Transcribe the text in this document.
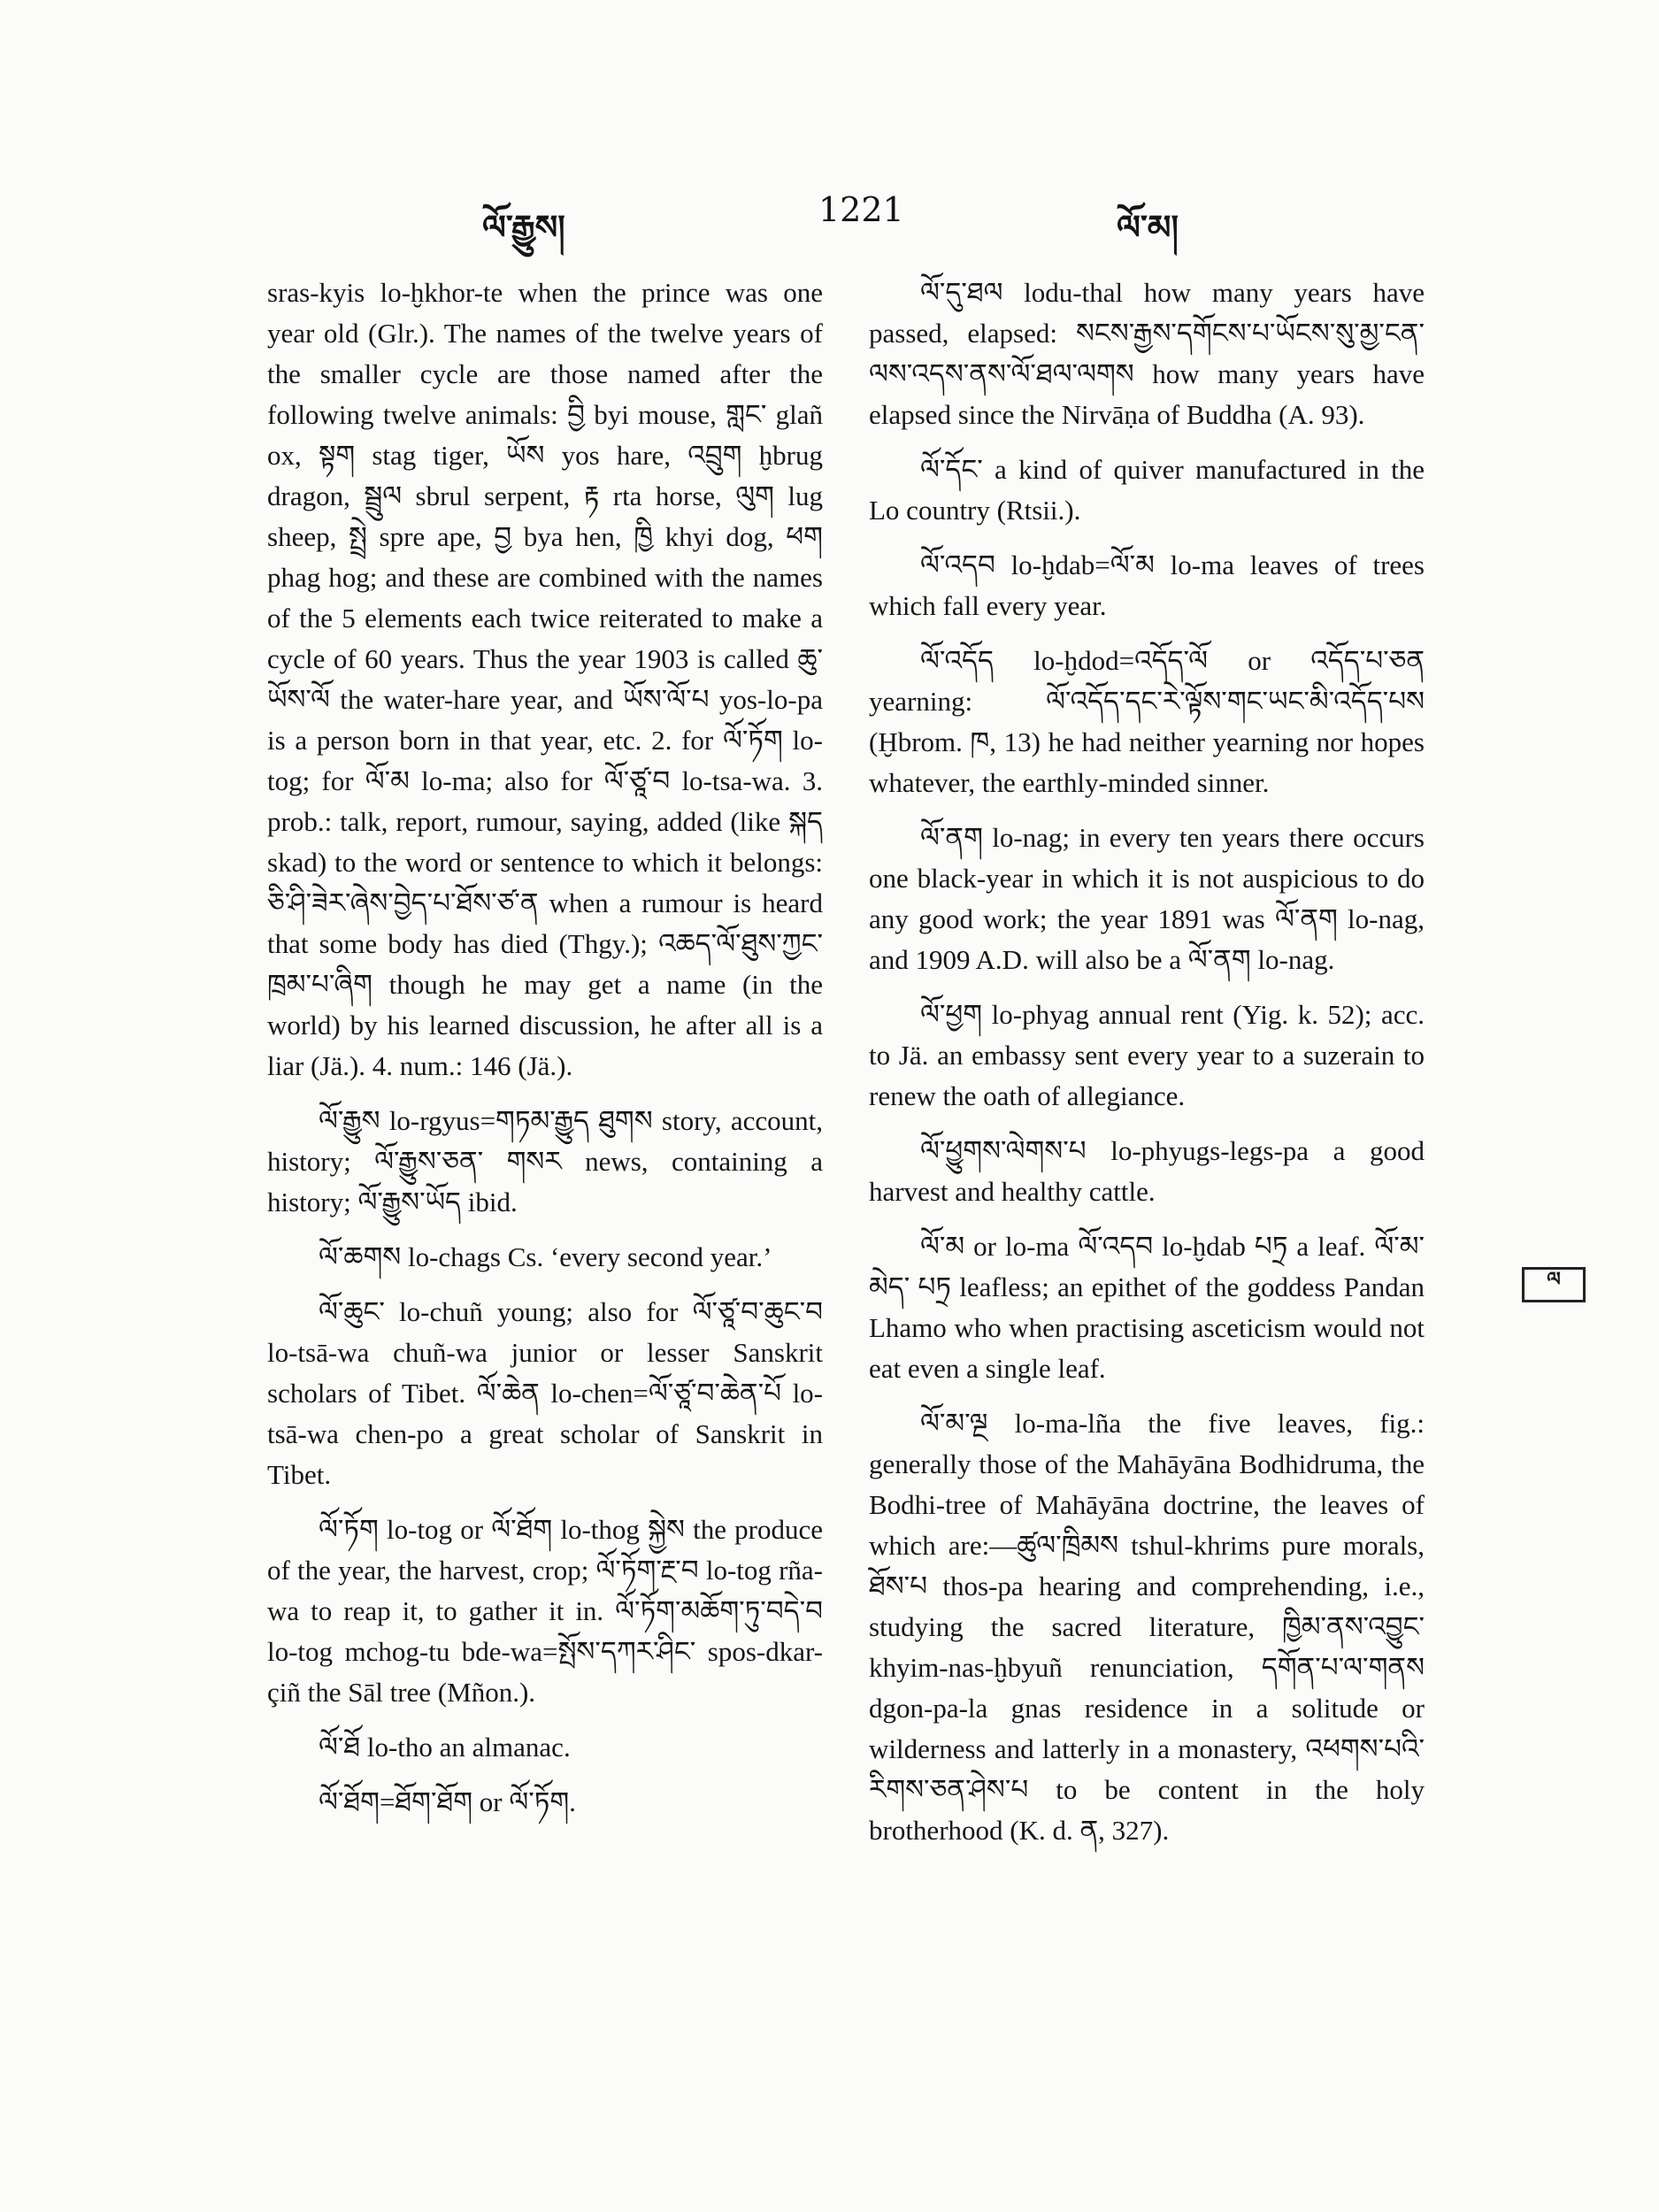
ལོ་རྒྱུས།	1221	ལོ་མ།

sras-kyis lo-ḫkhor-te when the prince was one year old (Glr.). The names of the twelve years of the smaller cycle are those named after the following twelve animals: བྱི byi mouse, གླང་ glañ ox, སྟག stag tiger, ཡོས yos hare, འབྲུག ḫbrug dragon, སྦྲུལ sbrul serpent, རྟ rta horse, ལུག lug sheep, སྤྲེ spre ape, བྱ bya hen, ཁྱི khyi dog, ཕག phag hog; and these are combined with the names of the 5 elements each twice reiterated to make a cycle of 60 years. Thus the year 1903 is called ཆུ་ཡོས་ལོ the water-hare year, and ཡོས་ལོ་པ yos-lo-pa is a person born in that year, etc. 2. for ལོ་ཏོག lo-tog; for ལོ་མ lo-ma; also for ལོ་ཙཱ་བ lo-tsa-wa. 3. prob.: talk, report, rumour, saying, added (like སྐད skad) to the word or sentence to which it belongs: ཅི་ཤི་ཟེར་ཞེས་བྱེད་པ་ཐོས་ཙ་ན when a rumour is heard that some body has died (Thgy.); འཆད་ལོ་ཐུས་ཀྱང་ཁྲམ་པ་ཞིག though he may get a name (in the world) by his learned discussion, he after all is a liar (Jä.). 4. num.: 146 (Jä.).

ལོ་རྒྱུས lo-rgyus=གཏམ་རྒྱུད ཐུགས story, account, history; ལོ་རྒྱུས་ཅན་ གསར news, containing a history; ལོ་རྒྱུས་ཡོད ibid.

ལོ་ཆགས lo-chags Cs. ‘every second year.’

ལོ་ཆུང་ lo-chuñ young; also for ལོ་ཙཱ་བ་ཆུང་བ lo-tsā-wa chuñ-wa junior or lesser Sanskrit scholars of Tibet. ལོ་ཆེན lo-chen=ལོ་ཙཱ་བ་ཆེན་པོ lo-tsā-wa chen-po a great scholar of Sanskrit in Tibet.

ལོ་ཏོག lo-tog or ལོ་ཐོག lo-thog སྐྱེས the produce of the year, the harvest, crop; ལོ་ཏོག་རྔ་བ lo-tog rña-wa to reap it, to gather it in. ལོ་ཏོག་མཆོག་ཏུ་བདེ་བ lo-tog mchog-tu bde-wa=སྤོས་དཀར་ཤིང་ spos-dkar-çiñ the Sāl tree (Mñon.).

ལོ་ཐོ lo-tho an almanac.

ལོ་ཐོག=ཐོག་ཐོག or ལོ་ཏོག.

ལོ་དུ་ཐལ lodu-thal how many years have passed, elapsed: སངས་རྒྱས་དགོངས་པ་ཡོངས་སུ་མྱ་ངན་ལས་འདས་ནས་ལོ་ཐལ་ལགས how many years have elapsed since the Nirvāṇa of Buddha (A. 93).

ལོ་དོང་ a kind of quiver manufactured in the Lo country (Rtsii.).

ལོ་འདབ lo-ḫdab=ལོ་མ lo-ma leaves of trees which fall every year.

ལོ་འདོད lo-ḫdod=འདོད་ལོ or འདོད་པ་ཅན yearning: ལོ་འདོད་དང་རེ་ལྟོས་གང་ཡང་མི་འདོད་པས (Ḫbrom. ཁ, 13) he had neither yearning nor hopes whatever, the earthly-minded sinner.

ལོ་ནག lo-nag; in every ten years there occurs one black-year in which it is not auspicious to do any good work; the year 1891 was ལོ་ནག lo-nag, and 1909 A.D. will also be a ལོ་ནག lo-nag.

ལོ་ཕྱག lo-phyag annual rent (Yig. k. 52); acc. to Jä. an embassy sent every year to a suzerain to renew the oath of allegiance.

ལོ་ཕྱུགས་ལེགས་པ lo-phyugs-legs-pa a good harvest and healthy cattle.

ལོ་མ or lo-ma ལོ་འདབ lo-ḫdab པཏྲ a leaf. ལོ་མ་མེད་ པཏྲ leafless; an epithet of the goddess Pandan Lhamo who when practising asceticism would not eat even a single leaf.

ལོ་མ་ལྔ lo-ma-lña the five leaves, fig.: generally those of the Mahāyāna Bodhidruma, the Bodhi-tree of Mahāyāna doctrine, the leaves of which are:—ཚུལ་ཁྲིམས tshul-khrims pure morals, ཐོས་པ thos-pa hearing and comprehending, i.e., studying the sacred literature, ཁྱིམ་ནས་འབྱུང་ khyim-nas-ḫbyuñ renunciation, དགོན་པ་ལ་གནས dgon-pa-la gnas residence in a solitude or wilderness and latterly in a monastery, འཕགས་པའི་རིགས་ཅན་ཤེས་པ to be content in the holy brotherhood (K. d. ན, 327).

ལ
